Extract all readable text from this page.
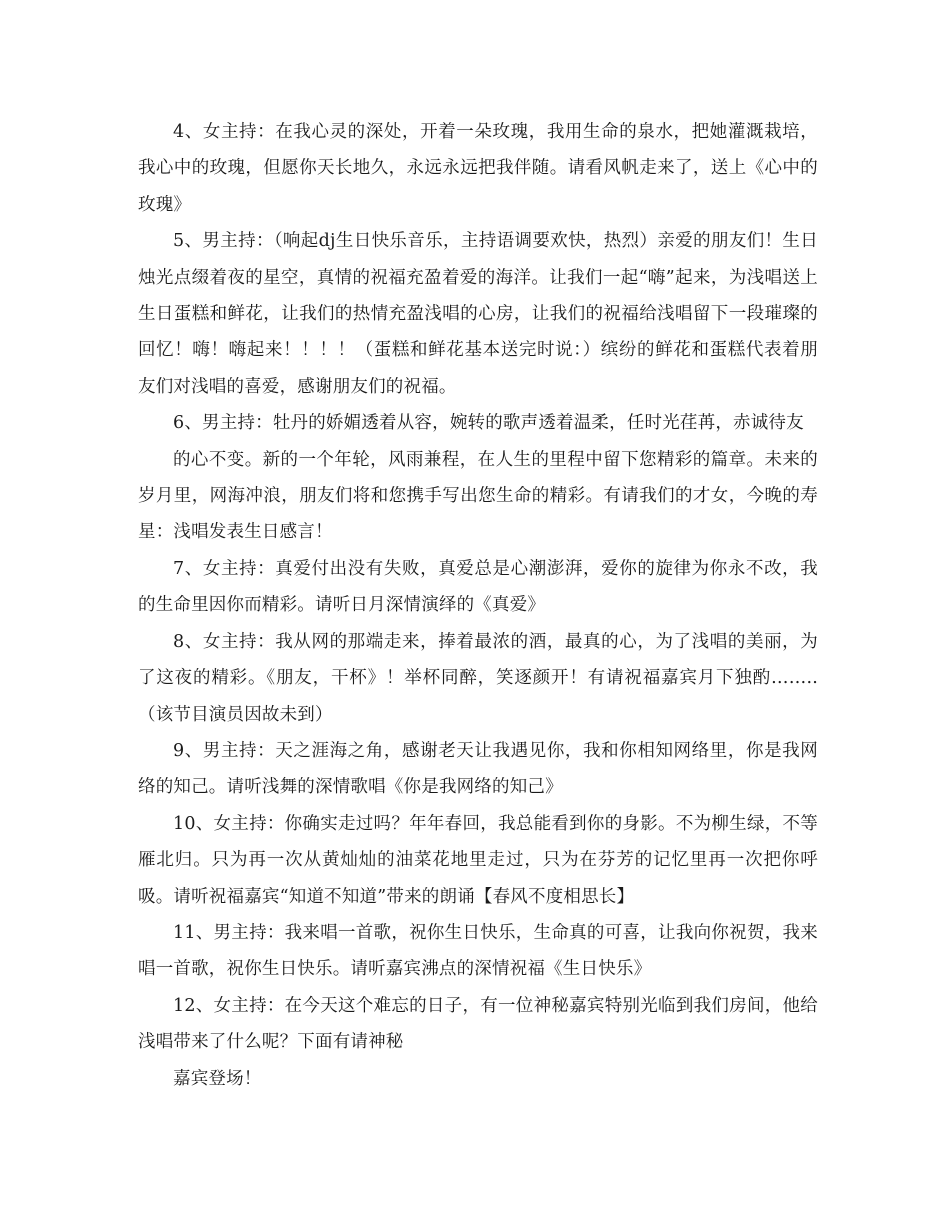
4、女主持：在我心灵的深处，开着一朵玫瑰，我用生命的泉水，把她灌溉栽培，我心中的玫瑰，但愿你天长地久，永远永远把我伴随。请看风帆走来了，送上《心中的玫瑰》

5、男主持：（响起dj生日快乐音乐，主持语调要欢快，热烈）亲爱的朋友们！生日烛光点缀着夜的星空，真情的祝福充盈着爱的海洋。让我们一起“嗨”起来，为浅唱送上生日蛋糕和鲜花，让我们的热情充盈浅唱的心房，让我们的祝福给浅唱留下一段璀璨的回忆！嗨！嗨起来！！！！（蛋糕和鲜花基本送完时说：）缤纷的鲜花和蛋糕代表着朋友们对浅唱的喜爱，感谢朋友们的祝福。

6、男主持：牡丹的娇媚透着从容，婉转的歌声透着温柔，任时光荏苒，赤诚待友

的心不变。新的一个年轮，风雨兼程，在人生的里程中留下您精彩的篇章。未来的岁月里，网海冲浪，朋友们将和您携手写出您生命的精彩。有请我们的才女，今晚的寿星：浅唱发表生日感言！

7、女主持：真爱付出没有失败，真爱总是心潮澎湃，爱你的旋律为你永不改，我的生命里因你而精彩。请听日月深情演绎的《真爱》

8、女主持：我从网的那端走来，捧着最浓的酒，最真的心，为了浅唱的美丽，为了这夜的精彩。《朋友，干杯》！举杯同醉，笑逐颜开！有请祝福嘉宾月下独酌……..（该节目演员因故未到）

9、男主持：天之涯海之角，感谢老天让我遇见你，我和你相知网络里，你是我网络的知己。请听浅舞的深情歌唱《你是我网络的知己》

10、女主持：你确实走过吗？年年春回，我总能看到你的身影。不为柳生绿，不等雁北归。只为再一次从黄灿灿的油菜花地里走过，只为在芬芳的记忆里再一次把你呼吸。请听祝福嘉宾“知道不知道”带来的朗诵【春风不度相思长】

11、男主持：我来唱一首歌，祝你生日快乐，生命真的可喜，让我向你祝贺，我来唱一首歌，祝你生日快乐。请听嘉宾沸点的深情祝福《生日快乐》

12、女主持：在今天这个难忘的日子，有一位神秘嘉宾特别光临到我们房间，他给浅唱带来了什么呢？下面有请神秘

嘉宾登场！
